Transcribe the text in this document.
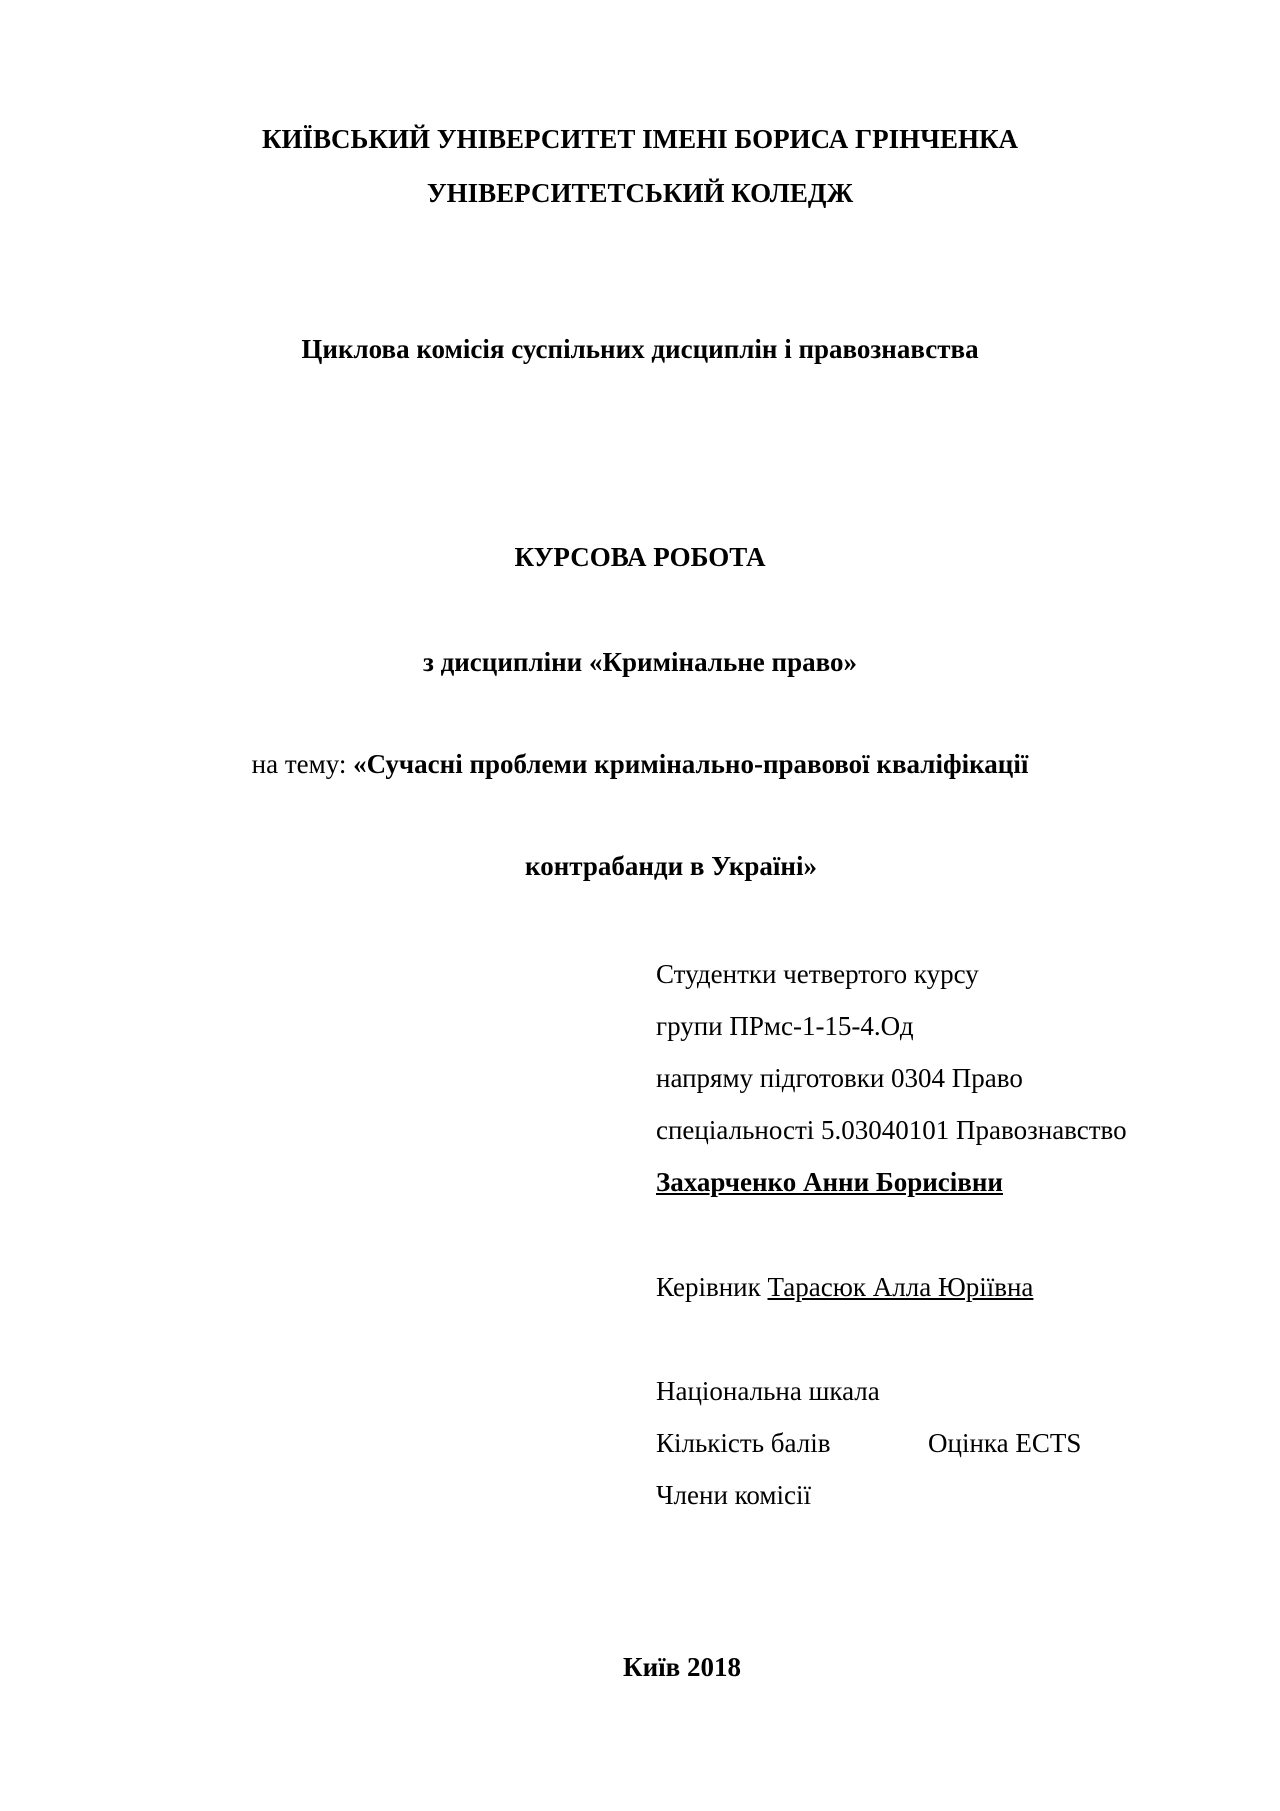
КИЇВСЬКИЙ УНІВЕРСИТЕТ ІМЕНІ БОРИСА ГРІНЧЕНКА
УНІВЕРСИТЕТСЬКИЙ КОЛЕДЖ
Циклова комісія суспільних дисциплін і правознавства
КУРСОВА РОБОТА
з дисципліни «Кримінальне право»
на тему: «Сучасні проблеми кримінально-правової кваліфікації
контрабанди в Україні»
Студентки четвертого курсу
групи ПРмс-1-15-4.Од
напряму підготовки 0304 Право
спеціальності 5.03040101 Правознавство
Захарченко Анни Борисівни
Керівник Тарасюк Алла Юріївна
Національна шкала
Кількість балів	Оцінка ECTS
Члени комісії
Київ 2018
